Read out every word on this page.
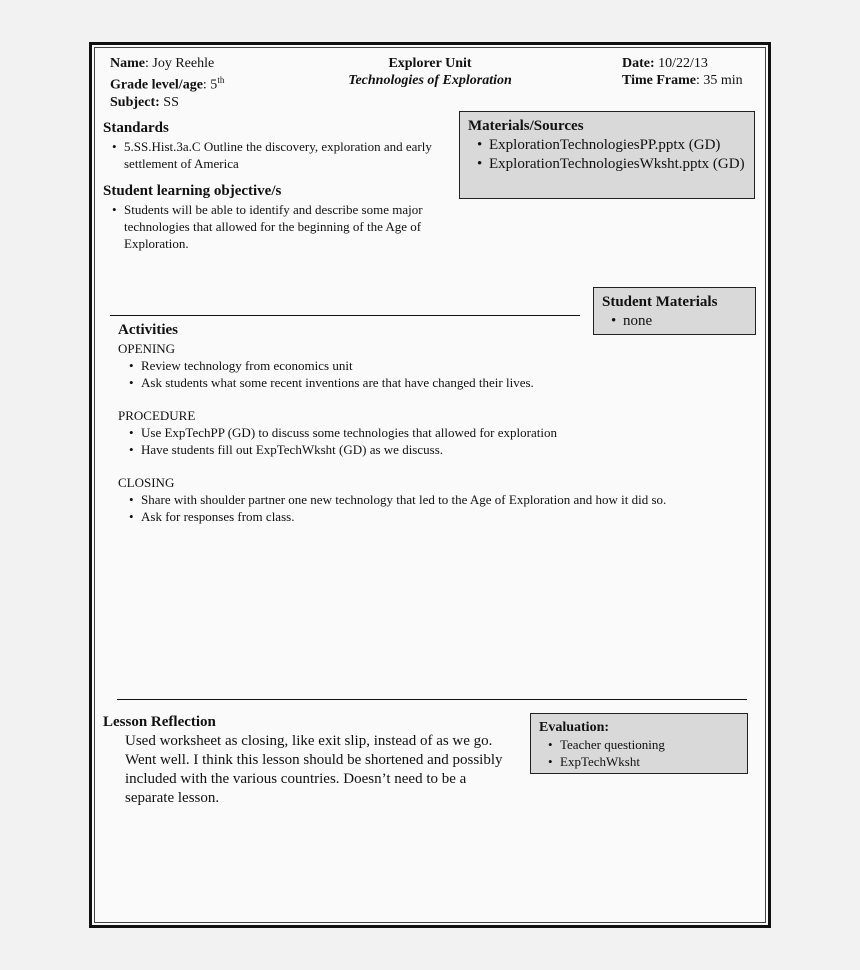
Name: Joy Reehle
Grade level/age: 5th
Subject: SS
Explorer Unit
Technologies of Exploration
Date: 10/22/13
Time Frame: 35 min
Standards
• 5.SS.Hist.3a.C Outline the discovery, exploration and early settlement of America
Student learning objective/s
• Students will be able to identify and describe some major technologies that allowed for the beginning of the Age of Exploration.
Materials/Sources
• ExplorationTechnologiesPP.pptx (GD)
• ExplorationTechnologiesWksht.pptx (GD)
Student Materials
• none
Activities
OPENING
• Review technology from economics unit
• Ask students what some recent inventions are that have changed their lives.
PROCEDURE
• Use ExpTechPP (GD) to discuss some technologies that allowed for exploration
• Have students fill out ExpTechWksht (GD) as we discuss.
CLOSING
• Share with shoulder partner one new technology that led to the Age of Exploration and how it did so.
• Ask for responses from class.
Lesson Reflection
Used worksheet as closing, like exit slip, instead of as we go. Went well. I think this lesson should be shortened and possibly included with the various countries. Doesn’t need to be a separate lesson.
Evaluation:
• Teacher questioning
• ExpTechWksht
